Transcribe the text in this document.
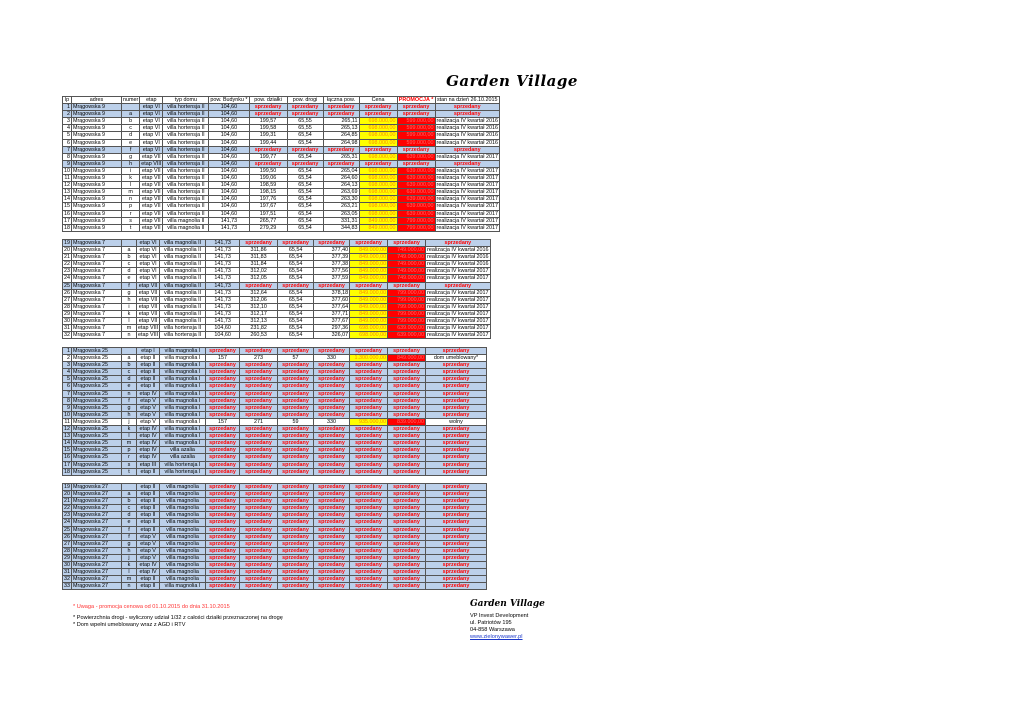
Garden Village
lp	adres	numer	etap	typ domu	pow. Budynku *	pow. działki	pow. drogi	łączna pow.	Cena	PROMOCJA *	stan na dzień 26.10.2015
1	Mrągowska 9		etap VI	villa hortensja II	104,60	sprzedany	sprzedany	sprzedany	sprzedany	sprzedany	sprzedany
2	Mrągowska 9	a	etap VI	villa hortensja II	104,60	sprzedany	sprzedany	sprzedany	sprzedany	sprzedany	sprzedany
3	Mrągowska 9	b	etap VI	villa hortensja II	104,60	199,57	65,55	265,11	698.000,00	599.000,00	realizacja IV kwartał 2016
4	Mrągowska 9	c	etap VI	villa hortensja II	104,60	199,58	65,55	265,13	698.000,00	599.000,00	realizacja IV kwartał 2016
5	Mrągowska 9	d	etap VI	villa hortensja II	104,60	199,31	65,54	264,85	698.000,00	599.000,00	realizacja IV kwartał 2016
6	Mrągowska 9	e	etap VI	villa hortensja II	104,60	199,44	65,54	264,98	698.000,00	599.000,00	realizacja IV kwartał 2016
7	Mrągowska 9	f	etap VI	villa hortensja II	104,60	sprzedany	sprzedany	sprzedany	sprzedany	sprzedany	sprzedany
8	Mrągowska 9	g	etap VII	villa hortensja II	104,60	199,77	65,54	265,31	698.000,00	639.000,00	realizacja IV kwartał 2017
9	Mrągowska 9	h	etap VIII	villa hortensja II	104,60	sprzedany	sprzedany	sprzedany	sprzedany	sprzedany	sprzedany
10	Mrągowska 9	i	etap VII	villa hortensja II	104,60	199,50	65,54	265,04	698.000,00	639.000,00	realizacja IV kwartał 2017
11	Mrągowska 9	k	etap VII	villa hortensja II	104,60	199,06	65,54	264,60	698.000,00	639.000,00	realizacja IV kwartał 2017
12	Mrągowska 9	l	etap VII	villa hortensja II	104,60	198,59	65,54	264,13	698.000,00	639.000,00	realizacja IV kwartał 2017
13	Mrągowska 9	m	etap VII	villa hortensja II	104,60	198,15	65,54	263,69	698.000,00	639.000,00	realizacja IV kwartał 2017
14	Mrągowska 9	n	etap VII	villa hortensja II	104,60	197,76	65,54	263,30	698.000,00	639.000,00	realizacja IV kwartał 2017
15	Mrągowska 9	p	etap VII	villa hortensja II	104,60	197,67	65,54	263,21	698.000,00	639.000,00	realizacja IV kwartał 2017
16	Mrągowska 9	r	etap VII	villa hortensja II	104,60	197,51	65,54	263,05	698.000,00	639.000,00	realizacja IV kwartał 2017
17	Mrągowska 9	s	etap VII	villa magnolia II	141,73	265,77	65,54	331,31	849.000,00	799.000,00	realizacja IV kwartał 2017
18	Mrągowska 9	t	etap VII	villa magnolia II	141,73	279,29	65,54	344,83	849.000,00	799.000,00	realizacja IV kwartał 2017
19	Mrągowska 7		etap VI	villa magnolia II	141,73	sprzedany	sprzedany	sprzedany	sprzedany	sprzedany	sprzedany
20	Mrągowska 7	a	etap VI	villa magnolia II	141,73	311,86	65,54	377,40	849.000,00	749.000,00	realizacja IV kwartał 2016
21	Mrągowska 7	b	etap VI	villa magnolia II	141,73	311,83	65,54	377,39	849.000,00	749.000,00	realizacja IV kwartał 2016
22	Mrągowska 7	c	etap VI	villa magnolia II	141,73	311,84	65,54	377,38	849.000,00	749.000,00	realizacja IV kwartał 2016
23	Mrągowska 7	d	etap VI	villa magnolia II	141,73	312,02	65,54	377,56	849.000,00	749.000,00	realizacja IV kwartał 2017
24	Mrągowska 7	e	etap VI	villa magnolia II	141,73	312,05	65,54	377,59	849.000,00	749.000,00	realizacja IV kwartał 2017
25	Mrągowska 7	f	etap VII	villa magnolia II	141,73	sprzedany	sprzedany	sprzedany	sprzedany	sprzedany	sprzedany
26	Mrągowska 7	g	etap VII	villa magnolia II	141,73	312,64	65,54	378,18	849.000,00	799.000,00	realizacja IV kwartał 2017
27	Mrągowska 7	h	etap VII	villa magnolia II	141,73	312,06	65,54	377,60	849.000,00	799.000,00	realizacja IV kwartał 2017
28	Mrągowska 7	i	etap VII	villa magnolia II	141,73	312,10	65,54	377,64	849.000,00	799.000,00	realizacja IV kwartał 2017
29	Mrągowska 7	k	etap VII	villa magnolia II	141,73	312,17	65,54	377,71	849.000,00	799.000,00	realizacja IV kwartał 2017
30	Mrągowska 7	l	etap VII	villa magnolia II	141,73	312,13	65,54	377,67	849.000,00	799.000,00	realizacja IV kwartał 2017
31	Mrągowska 7	m	etap VIII	villa hortensja II	104,60	231,82	65,54	297,36	698.000,00	639.000,00	realizacja IV kwartał 2017
32	Mrągowska 7	n	etap VIII	villa hortensja II	104,60	260,53	65,54	326,07	698.000,00	639.000,00	realizacja IV kwartał 2017
1	Mrągowska 25		etap I	villa magnolia I	sprzedany	sprzedany	sprzedany	sprzedany	sprzedany	sprzedany	sprzedany
2	Mrągowska 25	a	etap II	villa magnolia I	157	273	57	330	1.300.000,00	849.000,00	dom umeblowany*
3	Mrągowska 25	b	etap II	villa magnolia I	sprzedany	sprzedany	sprzedany	sprzedany	sprzedany	sprzedany	sprzedany
4	Mrągowska 25	c	etap II	villa magnolia I	sprzedany	sprzedany	sprzedany	sprzedany	sprzedany	sprzedany	sprzedany
5	Mrągowska 25	d	etap II	villa magnolia I	sprzedany	sprzedany	sprzedany	sprzedany	sprzedany	sprzedany	sprzedany
6	Mrągowska 25	e	etap II	villa magnolia I	sprzedany	sprzedany	sprzedany	sprzedany	sprzedany	sprzedany	sprzedany
7	Mrągowska 25	n	etap IV	villa magnolia I	sprzedany	sprzedany	sprzedany	sprzedany	sprzedany	sprzedany	sprzedany
8	Mrągowska 25	f	etap V	villa magnolia I	sprzedany	sprzedany	sprzedany	sprzedany	sprzedany	sprzedany	sprzedany
9	Mrągowska 25	g	etap V	villa magnolia I	sprzedany	sprzedany	sprzedany	sprzedany	sprzedany	sprzedany	sprzedany
10	Mrągowska 25	h	etap V	villa magnolia I	sprzedany	sprzedany	sprzedany	sprzedany	sprzedany	sprzedany	sprzedany
11	Mrągowska 25	j	etap V	villa magnolia I	157	271	59	330	935.000,00	839.000,00	wolny
12	Mrągowska 25	k	etap IV	villa magnolia I	sprzedany	sprzedany	sprzedany	sprzedany	sprzedany	sprzedany	sprzedany
13	Mrągowska 25	l	etap IV	villa magnolia I	sprzedany	sprzedany	sprzedany	sprzedany	sprzedany	sprzedany	sprzedany
14	Mrągowska 25	m	etap IV	villa magnolia I	sprzedany	sprzedany	sprzedany	sprzedany	sprzedany	sprzedany	sprzedany
15	Mrągowska 25	p	etap IV	villa azalia	sprzedany	sprzedany	sprzedany	sprzedany	sprzedany	sprzedany	sprzedany
16	Mrągowska 25	r	etap IV	villa azalia	sprzedany	sprzedany	sprzedany	sprzedany	sprzedany	sprzedany	sprzedany
17	Mrągowska 25	s	etap III	villa hortensja I	sprzedany	sprzedany	sprzedany	sprzedany	sprzedany	sprzedany	sprzedany
18	Mrągowska 25	t	etap II	villa hortensja I	sprzedany	sprzedany	sprzedany	sprzedany	sprzedany	sprzedany	sprzedany
19	Mrągowska 27		etap II	villa magnolia	sprzedany	sprzedany	sprzedany	sprzedany	sprzedany	sprzedany	sprzedany
20	Mrągowska 27	a	etap II	villa magnolia	sprzedany	sprzedany	sprzedany	sprzedany	sprzedany	sprzedany	sprzedany
21	Mrągowska 27	b	etap II	villa magnolia	sprzedany	sprzedany	sprzedany	sprzedany	sprzedany	sprzedany	sprzedany
22	Mrągowska 27	c	etap II	villa magnolia	sprzedany	sprzedany	sprzedany	sprzedany	sprzedany	sprzedany	sprzedany
23	Mrągowska 27	d	etap II	villa magnolia	sprzedany	sprzedany	sprzedany	sprzedany	sprzedany	sprzedany	sprzedany
24	Mrągowska 27	e	etap II	villa magnolia	sprzedany	sprzedany	sprzedany	sprzedany	sprzedany	sprzedany	sprzedany
25	Mrągowska 27	f	etap II	villa magnolia	sprzedany	sprzedany	sprzedany	sprzedany	sprzedany	sprzedany	sprzedany
26	Mrągowska 27	f	etap V	villa magnolia	sprzedany	sprzedany	sprzedany	sprzedany	sprzedany	sprzedany	sprzedany
27	Mrągowska 27	g	etap V	villa magnolia	sprzedany	sprzedany	sprzedany	sprzedany	sprzedany	sprzedany	sprzedany
28	Mrągowska 27	h	etap V	villa magnolia	sprzedany	sprzedany	sprzedany	sprzedany	sprzedany	sprzedany	sprzedany
29	Mrągowska 27	j	etap V	villa magnolia	sprzedany	sprzedany	sprzedany	sprzedany	sprzedany	sprzedany	sprzedany
30	Mrągowska 27	k	etap IV	villa magnolia	sprzedany	sprzedany	sprzedany	sprzedany	sprzedany	sprzedany	sprzedany
31	Mrągowska 27	l	etap IV	villa magnolia	sprzedany	sprzedany	sprzedany	sprzedany	sprzedany	sprzedany	sprzedany
32	Mrągowska 27	m	etap II	villa magnolia	sprzedany	sprzedany	sprzedany	sprzedany	sprzedany	sprzedany	sprzedany
33	Mrągowska 27	n	etap II	villa magnolia I	sprzedany	sprzedany	sprzedany	sprzedany	sprzedany	sprzedany	sprzedany
* Uwaga - promocja cenowa od 01.10.2015 do dnia 31.10.2015
* Powierzchnia drogi - wyliczony udział 1/32 z całości działki przeznaczonej na drogę
* Dom wpełni umeblowany wraz z AGD i RTV
Garden Village
VP Invest Development
ul. Patriotów 195
04-858 Warszawa
www.zielonywawer.pl
